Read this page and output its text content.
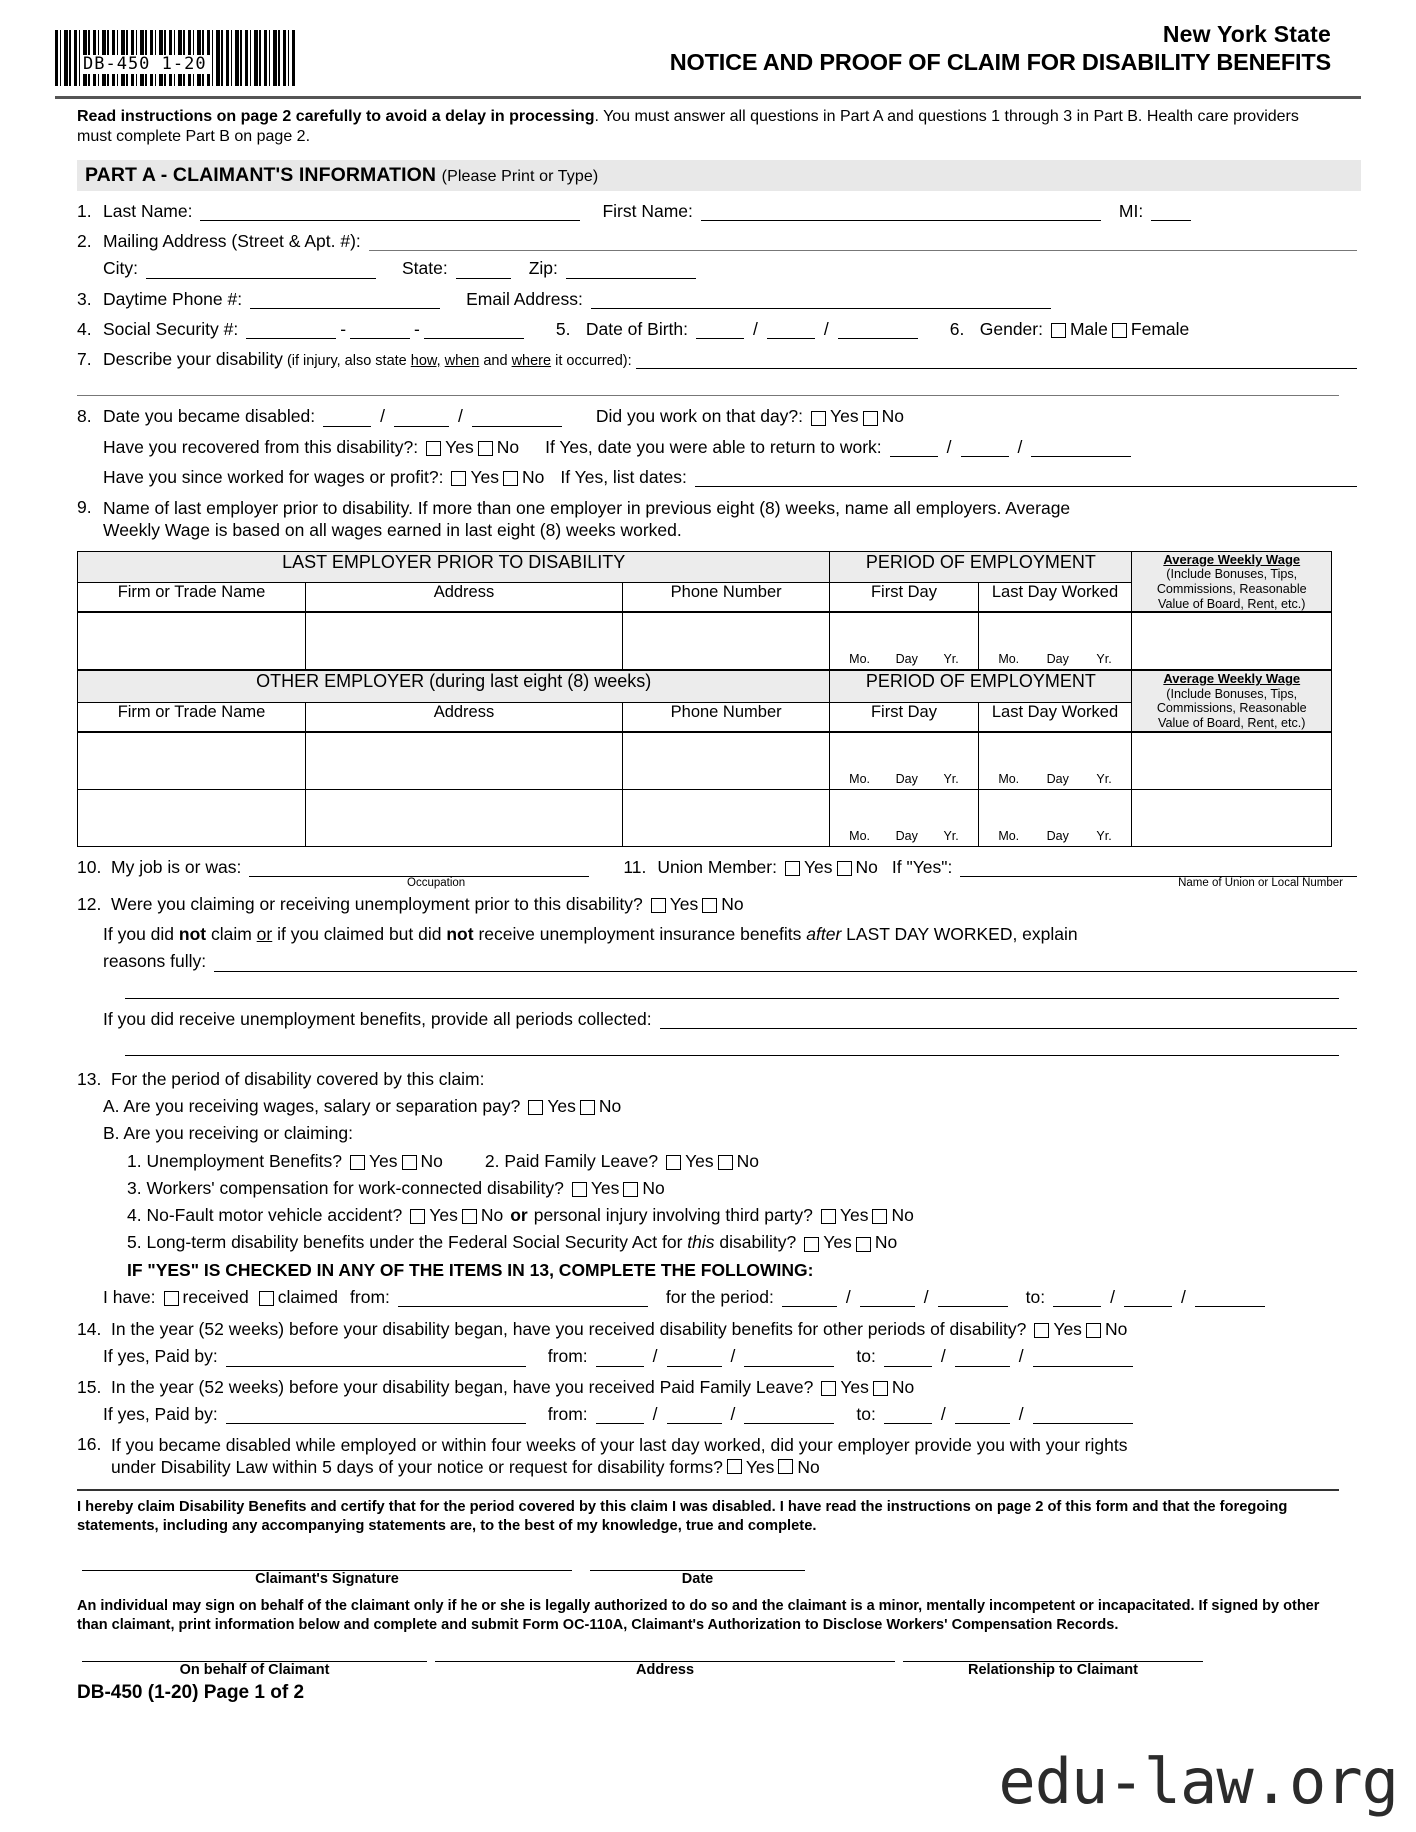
DB-450 1-20
New York State
NOTICE AND PROOF OF CLAIM FOR DISABILITY BENEFITS
Read instructions on page 2 carefully to avoid a delay in processing. You must answer all questions in Part A and questions 1 through 3 in Part B. Health care providers must complete Part B on page 2.
PART A - CLAIMANT'S INFORMATION (Please Print or Type)
1. Last Name:	First Name:	MI:
2. Mailing Address (Street & Apt. #):
City:	State:	Zip:
3. Daytime Phone #:	Email Address:
4. Social Security #:	-	-	5. Date of Birth:	/	/	6. Gender: Male Female
7. Describe your disability (if injury, also state how, when and where it occurred):
8. Date you became disabled:	/	/	Did you work on that day?: Yes No
Have you recovered from this disability?: Yes No If Yes, date you were able to return to work:	/	/
Have you since worked for wages or profit?: Yes No If Yes, list dates:
9. Name of last employer prior to disability. If more than one employer in previous eight (8) weeks, name all employers. Average
Weekly Wage is based on all wages earned in last eight (8) weeks worked.
LAST EMPLOYER PRIOR TO DISABILITY			PERIOD OF EMPLOYMENT		Average Weekly Wage
(Include Bonuses, Tips,
Commissions, Reasonable
Value of Board, Rent, etc.)
Firm or Trade Name	Address	Phone Number	First Day	Last Day Worked	

			Mo. Day Yr.	Mo. Day Yr.	

OTHER EMPLOYER (during last eight (8) weeks)			PERIOD OF EMPLOYMENT		Average Weekly Wage
(Include Bonuses, Tips,
Commissions, Reasonable
Value of Board, Rent, etc.)
Firm or Trade Name	Address	Phone Number	First Day	Last Day Worked	

			Mo. Day Yr.	Mo. Day Yr.	

			Mo. Day Yr.	Mo. Day Yr.	

10. My job is or was:	11. Union Member: Yes No If "Yes":
Occupation	Name of Union or Local Number
12. Were you claiming or receiving unemployment prior to this disability? Yes No
If you did not claim or if you claimed but did not receive unemployment insurance benefits after LAST DAY WORKED, explain
reasons fully:
If you did receive unemployment benefits, provide all periods collected:
13. For the period of disability covered by this claim:
A. Are you receiving wages, salary or separation pay? Yes No
B. Are you receiving or claiming:
1. Unemployment Benefits? Yes No 2. Paid Family Leave? Yes No
3. Workers' compensation for work-connected disability? Yes No
4. No-Fault motor vehicle accident? Yes No or personal injury involving third party? Yes No
5. Long-term disability benefits under the Federal Social Security Act for this disability? Yes No
IF "YES" IS CHECKED IN ANY OF THE ITEMS IN 13, COMPLETE THE FOLLOWING:
I have: received claimed from:	for the period:	/	/	to:	/	/
14. In the year (52 weeks) before your disability began, have you received disability benefits for other periods of disability? Yes No
If yes, Paid by:	from:	/	/	to:	/	/
15. In the year (52 weeks) before your disability began, have you received Paid Family Leave? Yes No
If yes, Paid by:	from:	/	/	to:	/	/
16. If you became disabled while employed or within four weeks of your last day worked, did your employer provide you with your rights
under Disability Law within 5 days of your notice or request for disability forms? Yes No
I hereby claim Disability Benefits and certify that for the period covered by this claim I was disabled. I have read the instructions on page 2 of this form and that the foregoing statements, including any accompanying statements are, to the best of my knowledge, true and complete.
Claimant's Signature	Date
An individual may sign on behalf of the claimant only if he or she is legally authorized to do so and the claimant is a minor, mentally incompetent or incapacitated. If signed by other than claimant, print information below and complete and submit Form OC-110A, Claimant's Authorization to Disclose Workers' Compensation Records.
On behalf of Claimant	Address	Relationship to Claimant
DB-450 (1-20) Page 1 of 2
edu-law.org
